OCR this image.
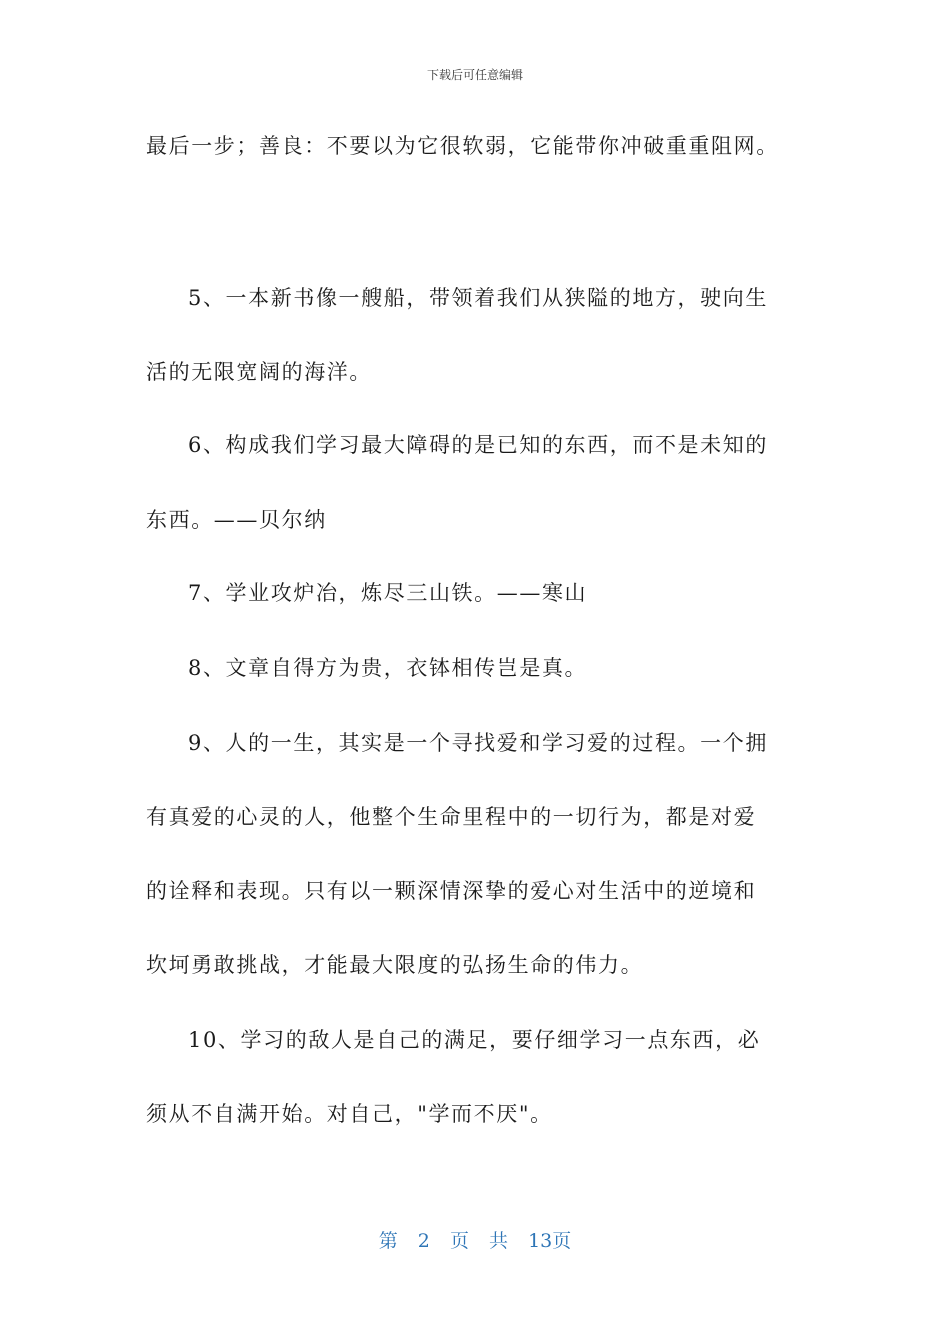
下载后可任意编辑
最后一步；善良：不要以为它很软弱，它能带你冲破重重阻网。
5、一本新书像一艘船，带领着我们从狭隘的地方，驶向生
活的无限宽阔的海洋。
6、构成我们学习最大障碍的是已知的东西，而不是未知的
东西。——贝尔纳
7、学业攻炉冶，炼尽三山铁。——寒山
8、文章自得方为贵，衣钵相传岂是真。
9、人的一生，其实是一个寻找爱和学习爱的过程。一个拥
有真爱的心灵的人，他整个生命里程中的一切行为，都是对爱
的诠释和表现。只有以一颗深情深挚的爱心对生活中的逆境和
坎坷勇敢挑战，才能最大限度的弘扬生命的伟力。
10、学习的敌人是自己的满足，要仔细学习一点东西，必
须从不自满开始。对自己，"学而不厌"。
第 2 页 共 13页
